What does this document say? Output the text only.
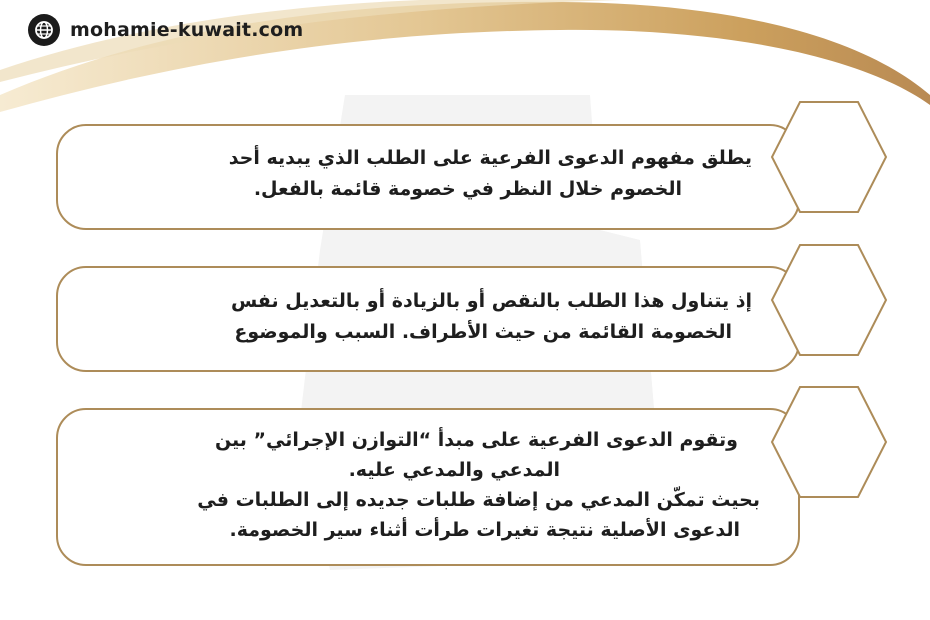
mohamie-kuwait.com
يطلق مفهوم الدعوى الفرعية على الطلب الذي يبديه أحد
الخصوم خلال النظر في خصومة قائمة بالفعل.
إذ يتناول هذا الطلب بالنقص أو بالزيادة أو بالتعديل نفس
الخصومة القائمة من حيث الأطراف. السبب والموضوع
وتقوم الدعوى الفرعية على مبدأ “التوازن الإجرائي” بين
المدعي والمدعي عليه.
بحيث تمكّن المدعي من إضافة طلبات جديده إلى الطلبات في
الدعوى الأصلية نتيجة تغيرات طرأت أثناء سير الخصومة.
